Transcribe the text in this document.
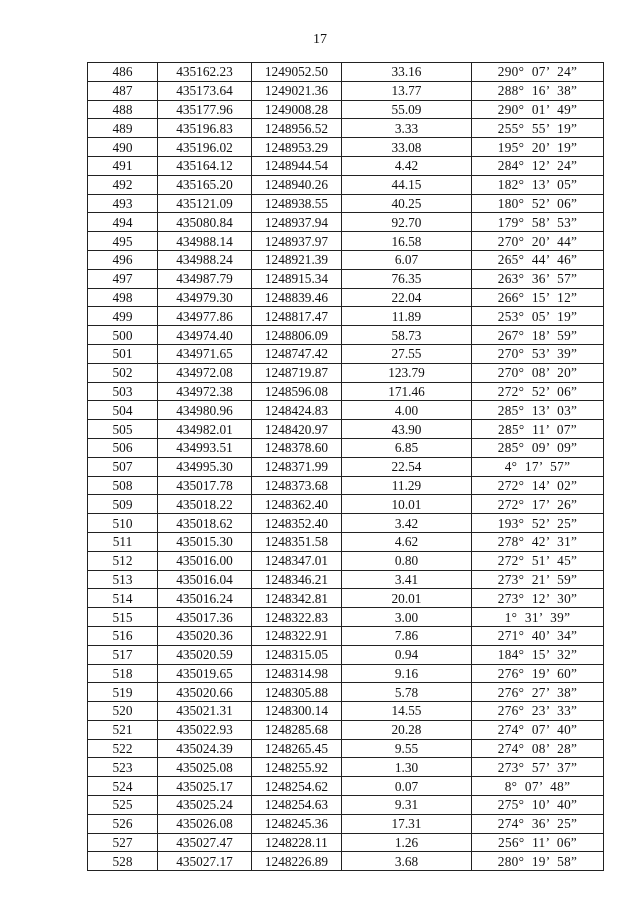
17
486	435162.23	1249052.50	33.16	290° 07’ 24”
487	435173.64	1249021.36	13.77	288° 16’ 38”
488	435177.96	1249008.28	55.09	290° 01’ 49”
489	435196.83	1248956.52	3.33	255° 55’ 19”
490	435196.02	1248953.29	33.08	195° 20’ 19”
491	435164.12	1248944.54	4.42	284° 12’ 24”
492	435165.20	1248940.26	44.15	182° 13’ 05”
493	435121.09	1248938.55	40.25	180° 52’ 06”
494	435080.84	1248937.94	92.70	179° 58’ 53”
495	434988.14	1248937.97	16.58	270° 20’ 44”
496	434988.24	1248921.39	6.07	265° 44’ 46”
497	434987.79	1248915.34	76.35	263° 36’ 57”
498	434979.30	1248839.46	22.04	266° 15’ 12”
499	434977.86	1248817.47	11.89	253° 05’ 19”
500	434974.40	1248806.09	58.73	267° 18’ 59”
501	434971.65	1248747.42	27.55	270° 53’ 39”
502	434972.08	1248719.87	123.79	270° 08’ 20”
503	434972.38	1248596.08	171.46	272° 52’ 06”
504	434980.96	1248424.83	4.00	285° 13’ 03”
505	434982.01	1248420.97	43.90	285° 11’ 07”
506	434993.51	1248378.60	6.85	285° 09’ 09”
507	434995.30	1248371.99	22.54	4° 17’ 57”
508	435017.78	1248373.68	11.29	272° 14’ 02”
509	435018.22	1248362.40	10.01	272° 17’ 26”
510	435018.62	1248352.40	3.42	193° 52’ 25”
511	435015.30	1248351.58	4.62	278° 42’ 31”
512	435016.00	1248347.01	0.80	272° 51’ 45”
513	435016.04	1248346.21	3.41	273° 21’ 59”
514	435016.24	1248342.81	20.01	273° 12’ 30”
515	435017.36	1248322.83	3.00	1° 31’ 39”
516	435020.36	1248322.91	7.86	271° 40’ 34”
517	435020.59	1248315.05	0.94	184° 15’ 32”
518	435019.65	1248314.98	9.16	276° 19’ 60”
519	435020.66	1248305.88	5.78	276° 27’ 38”
520	435021.31	1248300.14	14.55	276° 23’ 33”
521	435022.93	1248285.68	20.28	274° 07’ 40”
522	435024.39	1248265.45	9.55	274° 08’ 28”
523	435025.08	1248255.92	1.30	273° 57’ 37”
524	435025.17	1248254.62	0.07	8° 07’ 48”
525	435025.24	1248254.63	9.31	275° 10’ 40”
526	435026.08	1248245.36	17.31	274° 36’ 25”
527	435027.47	1248228.11	1.26	256° 11’ 06”
528	435027.17	1248226.89	3.68	280° 19’ 58”
